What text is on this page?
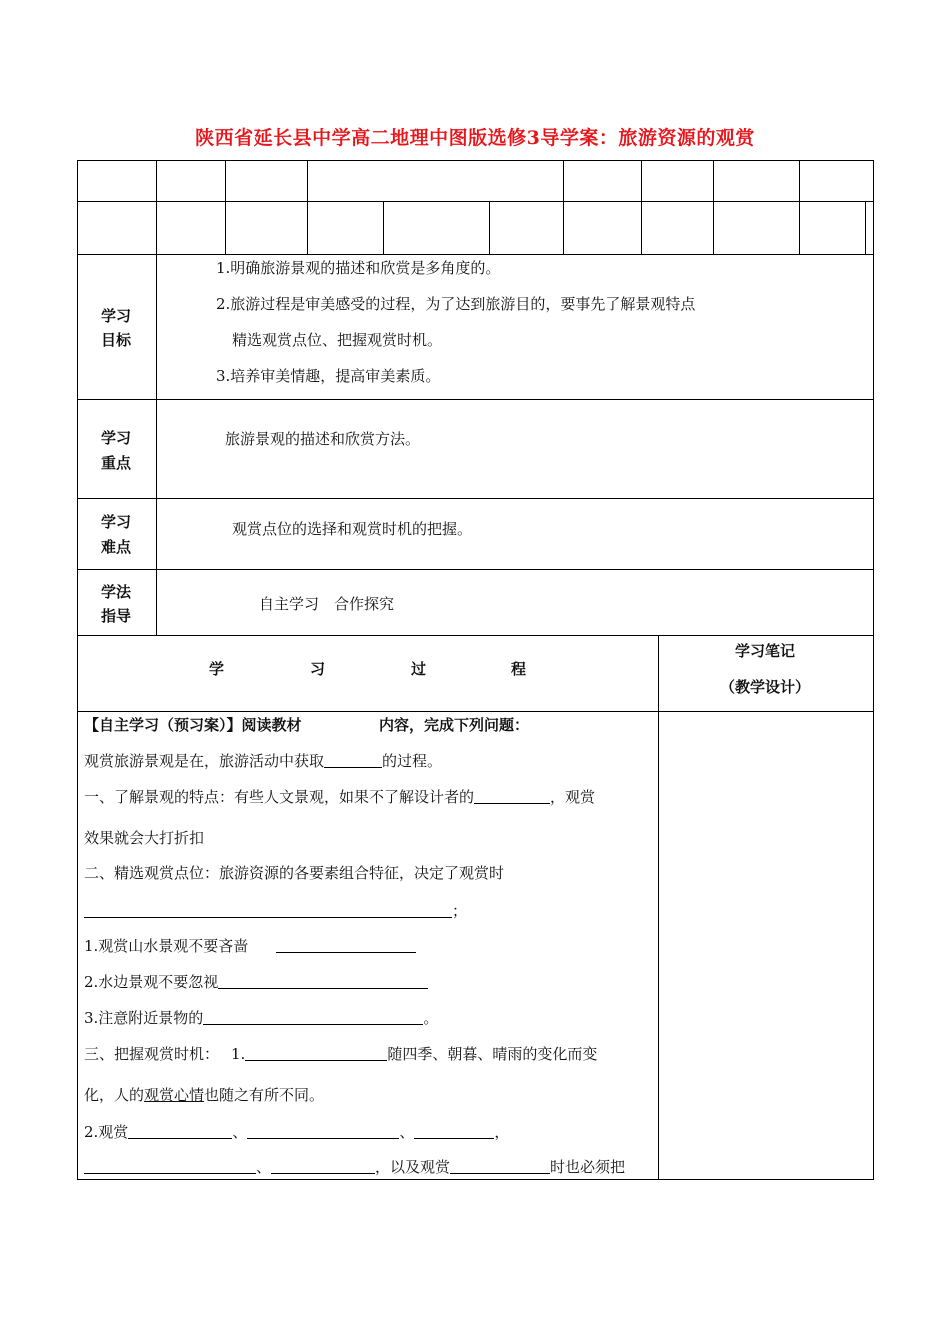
陕西省延长县中学高二地理中图版选修3导学案：旅游资源的观赏
学习
目标
1.明确旅游景观的描述和欣赏是多角度的。
2.旅游过程是审美感受的过程，为了达到旅游目的，要事先了解景观特点
精选观赏点位、把握观赏时机。
3.培养审美情趣，提高审美素质。
学习
重点
旅游景观的描述和欣赏方法。
学习
难点
观赏点位的选择和观赏时机的把握。
学法
指导
自主学习　合作探究
学	习	过	程
学习笔记
（教学设计）
【自主学习（预习案）】阅读教材	内容，完成下列问题：
观赏旅游景观是在，旅游活动中获取	的过程。
一、了解景观的特点：有些人文景观，如果不了解设计者的	，观赏
效果就会大打折扣
二、精选观赏点位：旅游资源的各要素组合特征，决定了观赏时
；
1.观赏山水景观不要吝啬
2.水边景观不要忽视
3.注意附近景物的	。
三、把握观赏时机： 1.	随四季、朝暮、晴雨的变化而变
化，人的观赏心情也随之有所不同。
2.观赏	、	、	，
、	，以及观赏	时也必须把
